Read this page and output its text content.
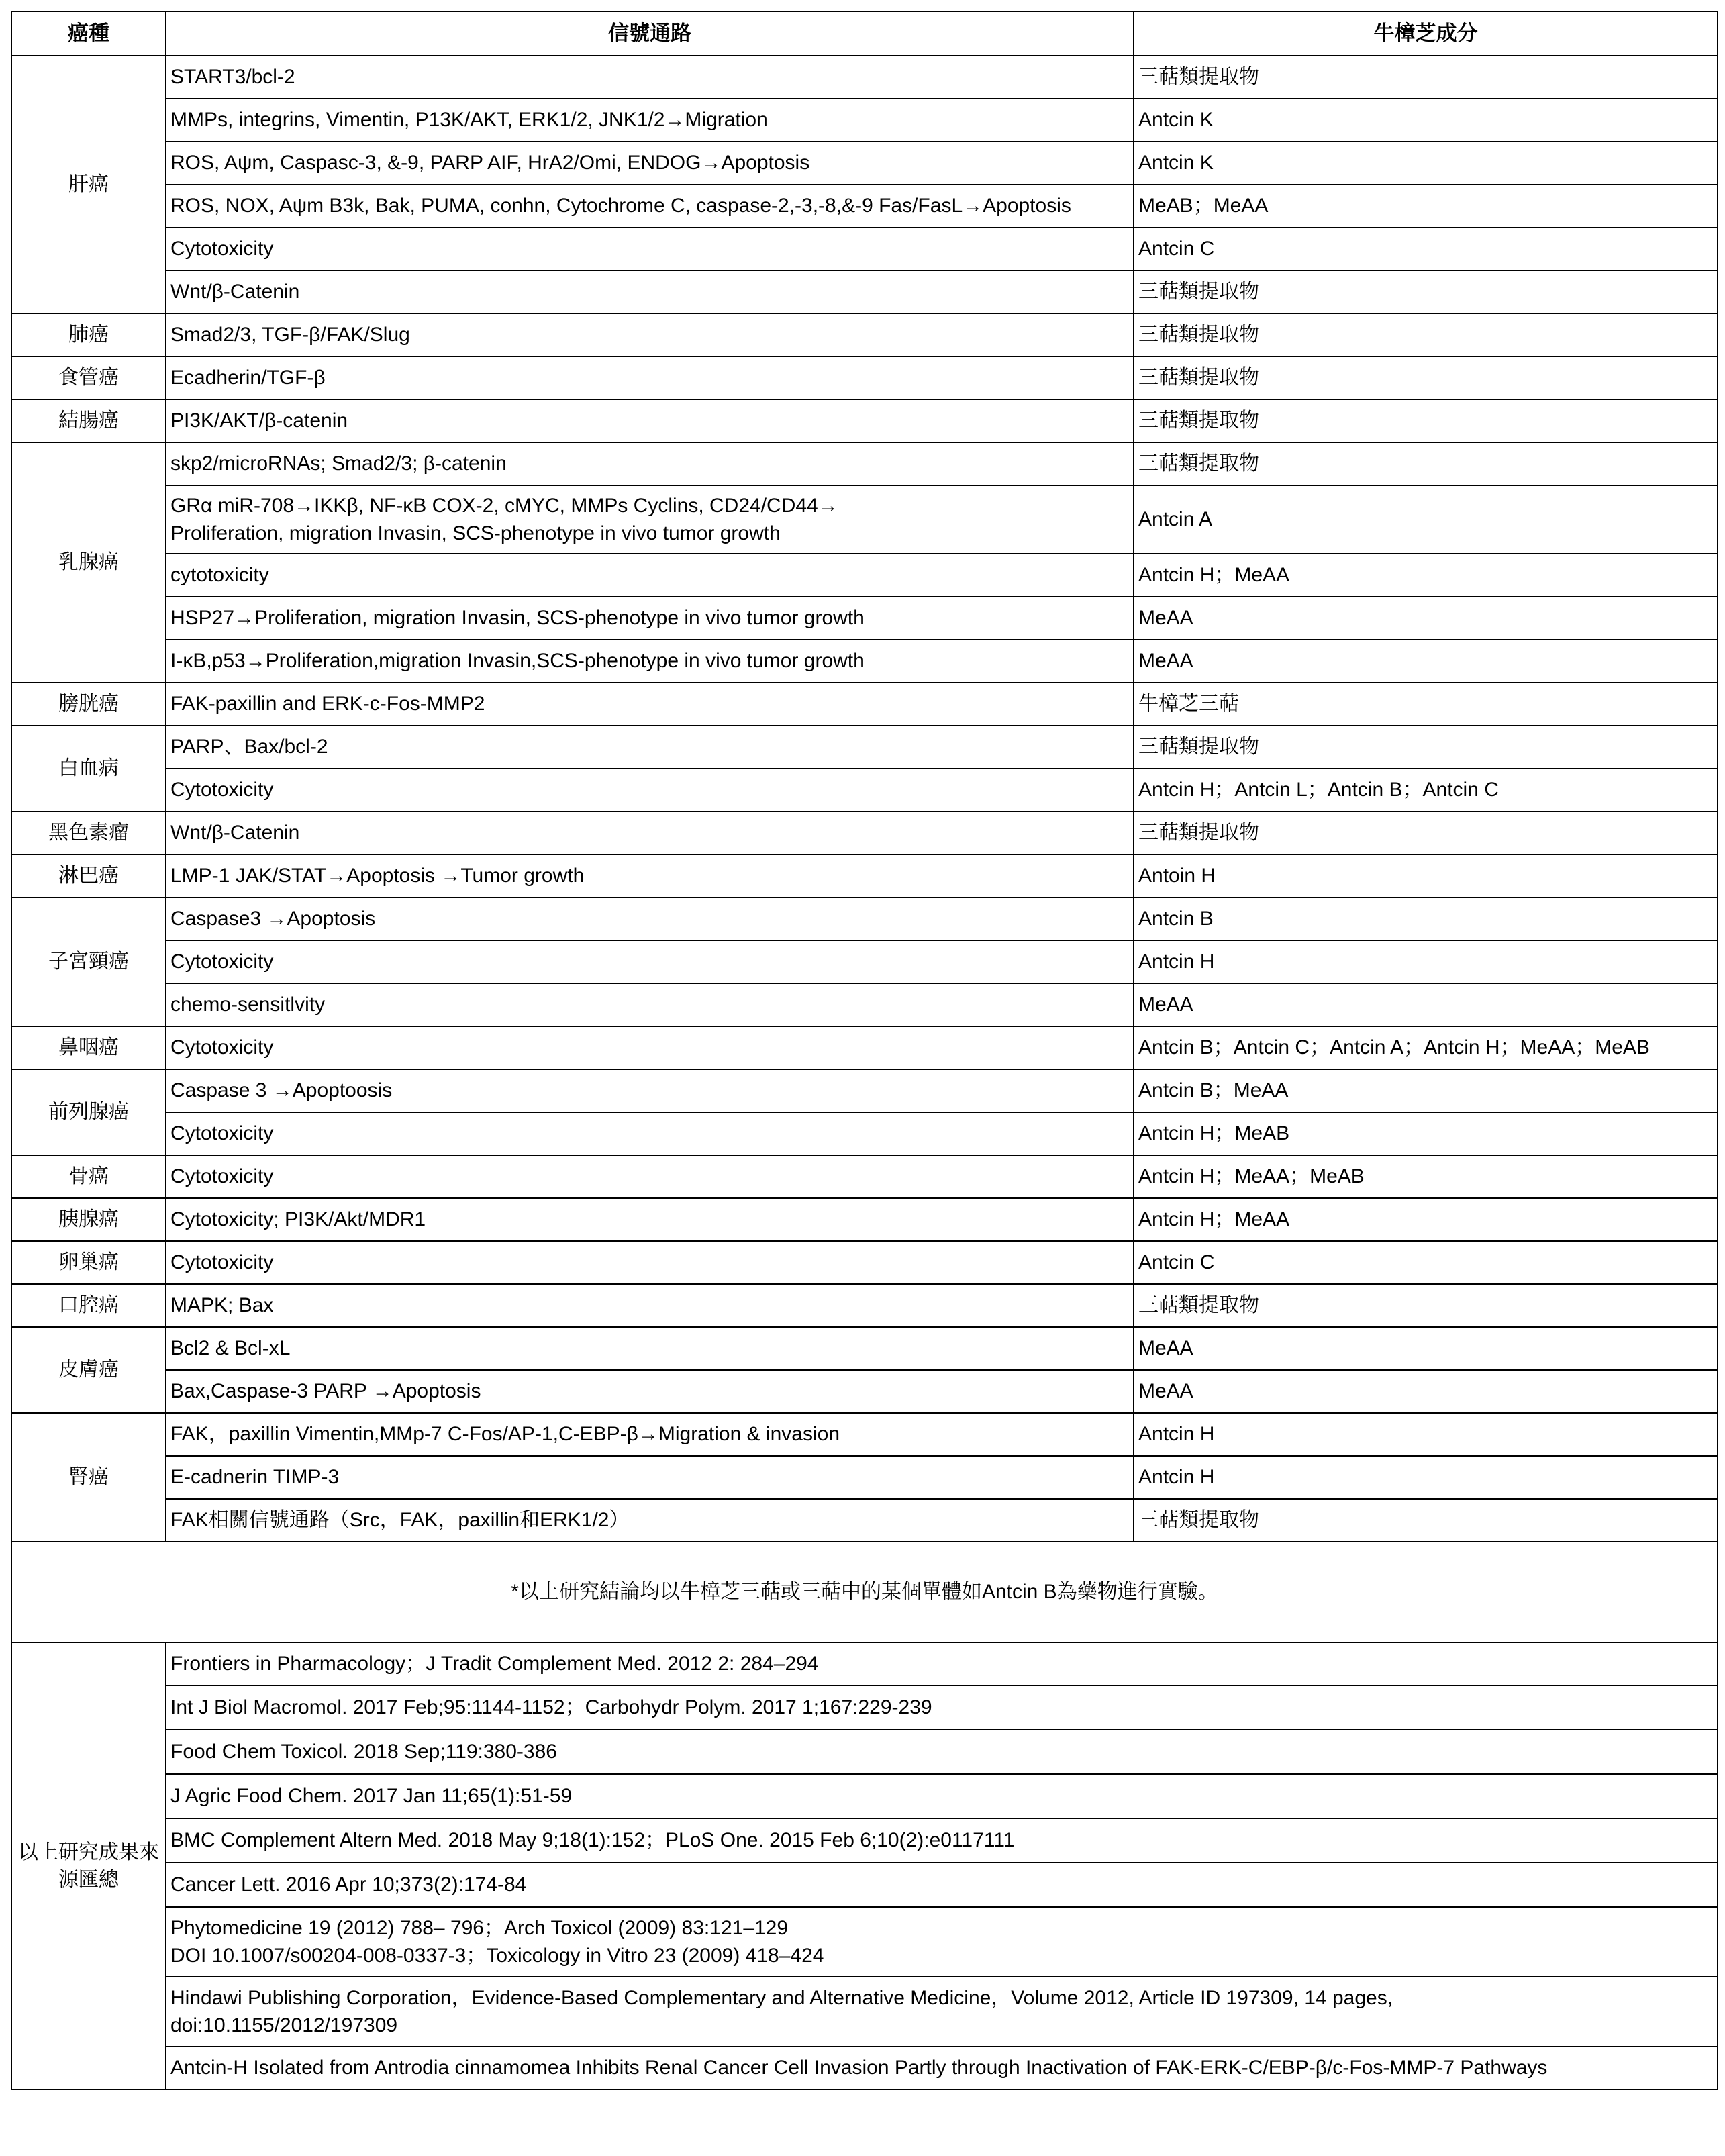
癌種	信號通路	牛樟芝成分
肝癌	START3/bcl-2	三萜類提取物
	MMPs, integrins, Vimentin, P13K/AKT, ERK1/2, JNK1/2→Migration	Antcin K
	ROS, Aψm, Caspasc-3, &-9, PARP AIF, HrA2/Omi, ENDOG→Apoptosis	Antcin K
	ROS, NOX, Aψm B3k, Bak, PUMA, conhn, Cytochrome C, caspase-2,-3,-8,&-9 Fas/FasL→Apoptosis	MeAB；MeAA
	Cytotoxicity	Antcin C
	Wnt/β-Catenin	三萜類提取物
肺癌	Smad2/3, TGF-β/FAK/Slug	三萜類提取物
食管癌	Ecadherin/TGF-β	三萜類提取物
結腸癌	PI3K/AKT/β-catenin	三萜類提取物
乳腺癌	skp2/microRNAs; Smad2/3; β-catenin	三萜類提取物

	GRα miR-708→IKKβ, NF-κB COX-2, cMYC, MMPs Cyclins, CD24/CD44→
Proliferation, migration Invasin, SCS-phenotype in vivo tumor growth	Antcin A
	cytotoxicity	Antcin H；MeAA
	HSP27→Proliferation, migration Invasin, SCS-phenotype in vivo tumor growth	MeAA
	I-κB,p53→Proliferation,migration Invasin,SCS-phenotype in vivo tumor growth	MeAA
膀胱癌	FAK-paxillin and ERK-c-Fos-MMP2	牛樟芝三萜
白血病	PARP、Bax/bcl-2	三萜類提取物
	Cytotoxicity	Antcin H；Antcin L；Antcin B；Antcin C
黑色素瘤	Wnt/β-Catenin	三萜類提取物
淋巴癌	LMP-1 JAK/STAT→Apoptosis →Tumor growth	Antoin H
子宮頸癌	Caspase3 →Apoptosis	Antcin B
	Cytotoxicity	Antcin H
	chemo-sensitlvity	MeAA
鼻咽癌	Cytotoxicity	Antcin B；Antcin C；Antcin A；Antcin H；MeAA；MeAB
前列腺癌	Caspase 3 →Apoptoosis	Antcin B；MeAA
	Cytotoxicity	Antcin H；MeAB
骨癌	Cytotoxicity	Antcin H；MeAA；MeAB
胰腺癌	Cytotoxicity; PI3K/Akt/MDR1	Antcin H；MeAA
卵巢癌	Cytotoxicity	Antcin C
口腔癌	MAPK; Bax	三萜類提取物
皮膚癌	Bcl2 & Bcl-xL	MeAA
	Bax,Caspase-3 PARP →Apoptosis	MeAA
腎癌	FAK，paxillin Vimentin,MMp-7 C-Fos/AP-1,C-EBP-β→Migration & invasion	Antcin H
	E-cadnerin TIMP-3	Antcin H
	FAK相關信號通路（Src，FAK，paxillin和ERK1/2）	三萜類提取物
*以上研究結論均以牛樟芝三萜或三萜中的某個單體如Antcin B為藥物進行實驗。		
以上研究成果來源匯總	Frontiers in Pharmacology；J Tradit Complement Med. 2012 2: 284–294	

	Int J Biol Macromol. 2017 Feb;95:1144-1152；Carbohydr Polym. 2017 1;167:229-239	

	Food Chem Toxicol. 2018 Sep;119:380-386	

	J Agric Food Chem. 2017 Jan 11;65(1):51-59	

	BMC Complement Altern Med. 2018 May 9;18(1):152；PLoS One. 2015 Feb 6;10(2):e0117111	

	Cancer Lett. 2016 Apr 10;373(2):174-84	

	Phytomedicine 19 (2012) 788– 796；Arch Toxicol (2009) 83:121–129
DOI 10.1007/s00204-008-0337-3；Toxicology in Vitro 23 (2009) 418–424	

	Hindawi Publishing Corporation，Evidence-Based Complementary and Alternative Medicine，Volume 2012, Article ID 197309, 14 pages,
doi:10.1155/2012/197309	

	Antcin-H Isolated from Antrodia cinnamomea Inhibits Renal Cancer Cell Invasion Partly through Inactivation of FAK-ERK-C/EBP-β/c-Fos-MMP-7 Pathways	
